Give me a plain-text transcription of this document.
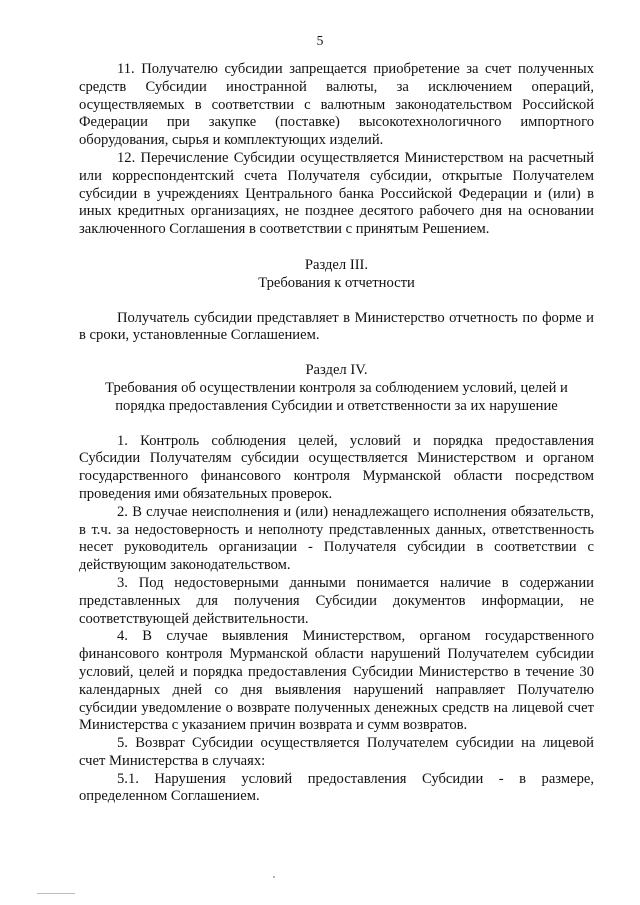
5

11. Получателю субсидии запрещается приобретение за счет полученных средств Субсидии иностранной валюты, за исключением операций, осуществляемых в соответствии с валютным законодательством Российской Федерации при закупке (поставке) высокотехнологичного импортного оборудования, сырья и комплектующих изделий.

12. Перечисление Субсидии осуществляется Министерством на расчетный или корреспондентский счета Получателя субсидии, открытые Получателем субсидии в учреждениях Центрального банка Российской Федерации и (или) в иных кредитных организациях, не позднее десятого рабочего дня на основании заключенного Соглашения в соответствии с принятым Решением.

Раздел III.

Требования к отчетности

Получатель субсидии представляет в Министерство отчетность по форме и в сроки, установленные Соглашением.

Раздел IV.

Требования об осуществлении контроля за соблюдением условий, целей и

порядка предоставления Субсидии и ответственности за их нарушение

1. Контроль соблюдения целей, условий и порядка предоставления Субсидии Получателям субсидии осуществляется Министерством и органом государственного финансового контроля Мурманской области посредством проведения ими обязательных проверок.

2. В случае неисполнения и (или) ненадлежащего исполнения обязательств, в т.ч. за недостоверность и неполноту представленных данных, ответственность несет руководитель организации - Получателя субсидии в соответствии с действующим законодательством.

3. Под недостоверными данными понимается наличие в содержании представленных для получения Субсидии документов информации, не соответствующей действительности.

4. В случае выявления Министерством, органом государственного финансового контроля Мурманской области нарушений Получателем субсидии условий, целей и порядка предоставления Субсидии Министерство в течение 30 календарных дней со дня выявления нарушений направляет Получателю субсидии уведомление о возврате полученных денежных средств на лицевой счет Министерства с указанием причин возврата и сумм возвратов.

5. Возврат Субсидии осуществляется Получателем субсидии на лицевой счет Министерства в случаях:

5.1. Нарушения условий предоставления Субсидии - в размере, определенном Соглашением.
